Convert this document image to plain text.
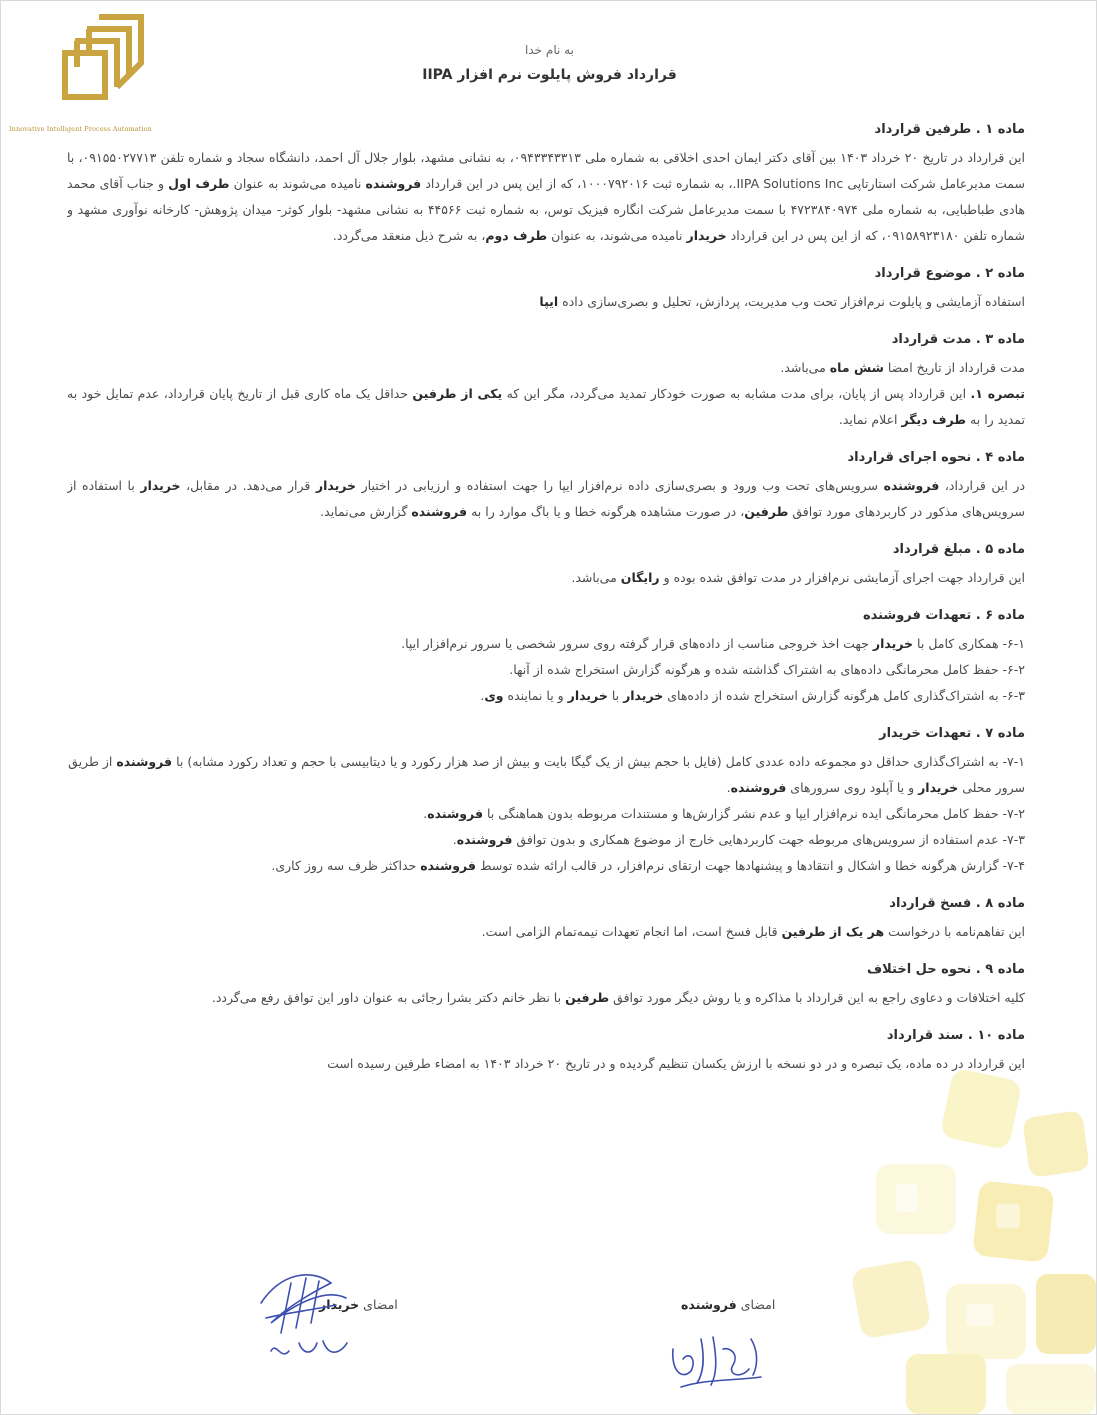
Innovative Intelligent Process Automation
به نام خدا
قرارداد فروش پایلوت نرم افزار IIPA
ماده ۱ . طرفین قرارداد

این قرارداد در تاریخ ۲۰ خرداد ۱۴۰۳ بین آقای دکتر ایمان احدی اخلاقی به شماره ملی ۰۹۴۳۳۴۳۳۱۳، به نشانی مشهد، بلوار جلال آل احمد، دانشگاه سجاد و شماره تلفن ۰۹۱۵۵۰۲۷۷۱۳، با سمت مدیرعامل شرکت استارتاپی IIPA Solutions Inc.، به شماره ثبت ۱۰۰۰۷۹۲۰۱۶، که از این پس در این قرارداد فروشنده نامیده می‌شوند به عنوان طرف اول و جناب آقای محمد هادی طباطبایی، به شماره ملی ۴۷۲۳۸۴۰۹۷۴ با سمت مدیرعامل شرکت انگاره فیزیک توس، به شماره ثبت ۴۴۵۶۶ به نشانی مشهد- بلوار کوثر- میدان پژوهش- کارخانه نوآوری مشهد و شماره تلفن ۰۹۱۵۸۹۲۳۱۸۰، که از این پس در این قرارداد خریدار نامیده می‌شوند، به عنوان طرف دوم، به شرح ذیل منعقد می‌گردد.

ماده ۲ . موضوع قرارداد

استفاده آزمایشی و پایلوت نرم‌افزار تحت وب مدیریت، پردازش، تحلیل و بصری‌سازی داده ایپا

ماده ۳ . مدت قرارداد

مدت قرارداد از تاریخ امضا شش ماه می‌باشد.

تبصره ۱. این قرارداد پس از پایان، برای مدت مشابه به صورت خودکار تمدید می‌گردد، مگر این که یکی از طرفین حداقل یک ماه کاری قبل از تاریخ پایان قرارداد، عدم تمایل خود به تمدید را به طرف دیگر اعلام نماید.

ماده ۴ . نحوه اجرای قرارداد

در این قرارداد، فروشنده سرویس‌های تحت وب ورود و بصری‌سازی داده نرم‌افزار ایپا را جهت استفاده و ارزیابی در اختیار خریدار قرار می‌دهد. در مقابل، خریدار با استفاده از سرویس‌های مذکور در کاربردهای مورد توافق طرفین، در صورت مشاهده هرگونه خطا و یا باگ موارد را به فروشنده گزارش می‌نماید.

ماده ۵ . مبلغ قرارداد

این قرارداد جهت اجرای آزمایشی نرم‌افزار در مدت توافق شده بوده و رایگان می‌باشد.

ماده ۶ . تعهدات فروشنده

۶-۱- همکاری کامل با خریدار جهت اخذ خروجی مناسب از داده‌های قرار گرفته روی سرور شخصی یا سرور نرم‌افزار ایپا.

۶-۲- حفظ کامل محرمانگی داده‌های به اشتراک گذاشته شده و هرگونه گزارش استخراج شده از آنها.

۶-۳- به اشتراک‌گذاری کامل هرگونه گزارش استخراج شده از داده‌های خریدار با خریدار و یا نماینده وی.

ماده ۷ . تعهدات خریدار

۷-۱- به اشتراک‌گذاری حداقل دو مجموعه داده عددی کامل (فایل با حجم بیش از یک گیگا بایت و بیش از صد هزار رکورد و یا دیتابیسی با حجم و تعداد رکورد مشابه) با فروشنده از طریق سرور محلی خریدار و یا آپلود روی سرورهای فروشنده.

۷-۲- حفظ کامل محرمانگی ایده نرم‌افزار ایپا و عدم نشر گزارش‌ها و مستندات مربوطه بدون هماهنگی با فروشنده.

۷-۳- عدم استفاده از سرویس‌های مربوطه جهت کاربردهایی خارج از موضوع همکاری و بدون توافق فروشنده.

۷-۴- گزارش هرگونه خطا و اشکال و انتقادها و پیشنهادها جهت ارتقای نرم‌افزار، در قالب ارائه شده توسط فروشنده حداکثر ظرف سه روز کاری.

ماده ۸ . فسخ قرارداد

این تفاهم‌نامه با درخواست هر یک از طرفین قابل فسخ است، اما انجام تعهدات نیمه‌تمام الزامی است.

ماده ۹ . نحوه حل اختلاف

کلیه اختلافات و دعاوی راجع به این قرارداد با مذاکره و یا روش دیگر مورد توافق طرفین با نظر خانم دکتر بشرا رجائی به عنوان داور این توافق رفع می‌گردد.

ماده ۱۰ . سند قرارداد

این قرارداد در ده ماده، یک تبصره و در دو نسخه با ارزش یکسان تنظیم گردیده و در تاریخ ۲۰ خرداد ۱۴۰۳ به امضاء طرفین رسیده است

امضای خریدار	امضای فروشنده
